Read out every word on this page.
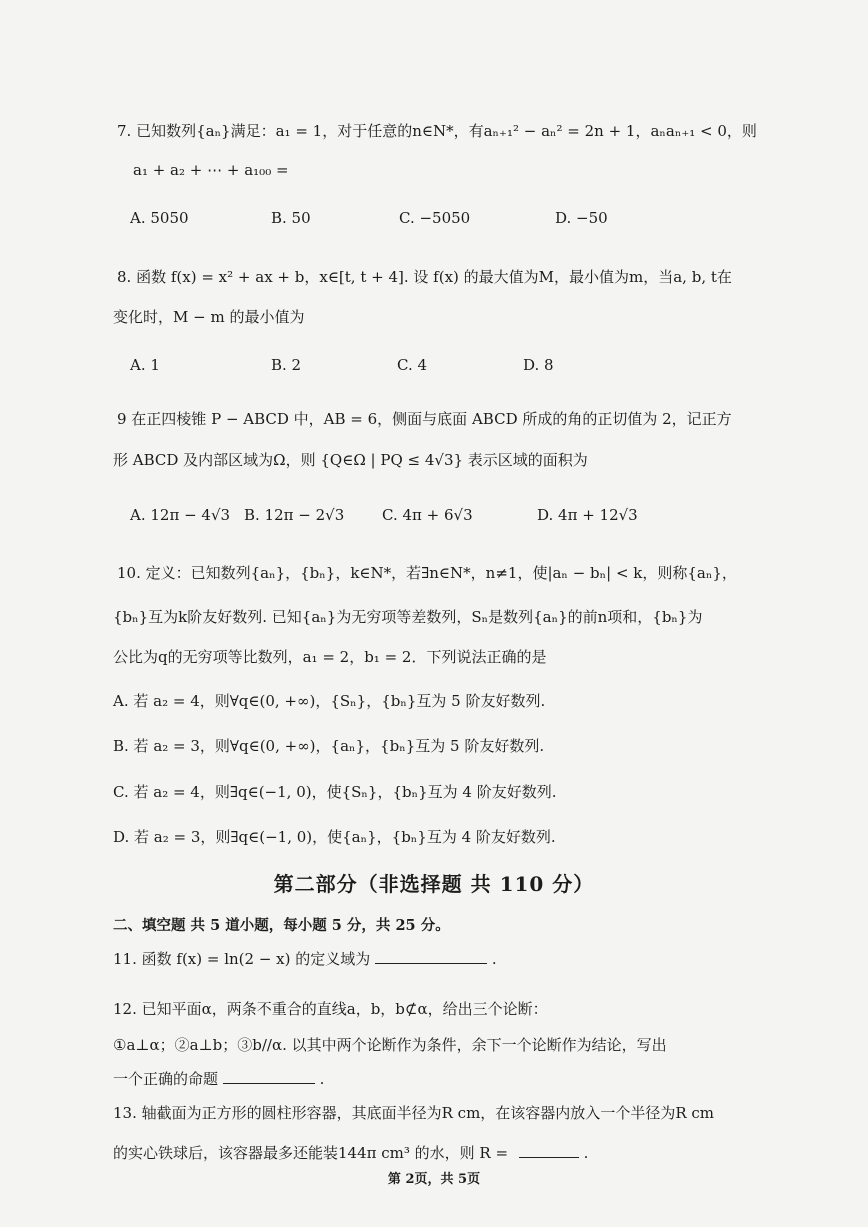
7. 已知数列{aₙ}满足：a₁ = 1，对于任意的n∈N*，有aₙ₊₁² − aₙ² = 2n + 1，aₙaₙ₊₁ < 0，则
a₁ + a₂ + ⋯ + a₁₀₀ =
A. 5050	B. 50	C. −5050	D. −50
8. 函数 f(x) = x² + ax + b，x∈[t, t + 4]. 设 f(x) 的最大值为M，最小值为m，当a, b, t在
变化时，M − m 的最小值为
A. 1	B. 2	C. 4	D. 8
9 在正四棱锥 P − ABCD 中，AB = 6，侧面与底面 ABCD 所成的角的正切值为 2，记正方
形 ABCD 及内部区域为Ω，则 {Q∈Ω | PQ ≤ 4√3} 表示区域的面积为
A. 12π − 4√3 B. 12π − 2√3	C. 4π + 6√3	D. 4π + 12√3
10. 定义：已知数列{aₙ}，{bₙ}，k∈N*，若∃n∈N*，n≠1，使|aₙ − bₙ| < k，则称{aₙ}，
{bₙ}互为k阶友好数列. 已知{aₙ}为无穷项等差数列，Sₙ是数列{aₙ}的前n项和，{bₙ}为
公比为q的无穷项等比数列，a₁ = 2，b₁ = 2．下列说法正确的是
A. 若 a₂ = 4，则∀q∈(0, +∞)，{Sₙ}，{bₙ}互为 5 阶友好数列.
B. 若 a₂ = 3，则∀q∈(0, +∞)，{aₙ}，{bₙ}互为 5 阶友好数列.
C. 若 a₂ = 4，则∃q∈(−1, 0)，使{Sₙ}，{bₙ}互为 4 阶友好数列.
D. 若 a₂ = 3，则∃q∈(−1, 0)，使{aₙ}，{bₙ}互为 4 阶友好数列.
第二部分（非选择题 共 110 分）
二、填空题 共 5 道小题，每小题 5 分，共 25 分。
11. 函数 f(x) = ln(2 − x) 的定义域为	.
12. 已知平面α，两条不重合的直线a，b，b⊄α，给出三个论断：
①a⊥α；②a⊥b；③b//α. 以其中两个论断作为条件，余下一个论断作为结论，写出
一个正确的命题	.
13. 轴截面为正方形的圆柱形容器，其底面半径为R cm，在该容器内放入一个半径为R cm
的实心铁球后，该容器最多还能装144π cm³ 的水，则 R =	.
第 2页，共 5页
